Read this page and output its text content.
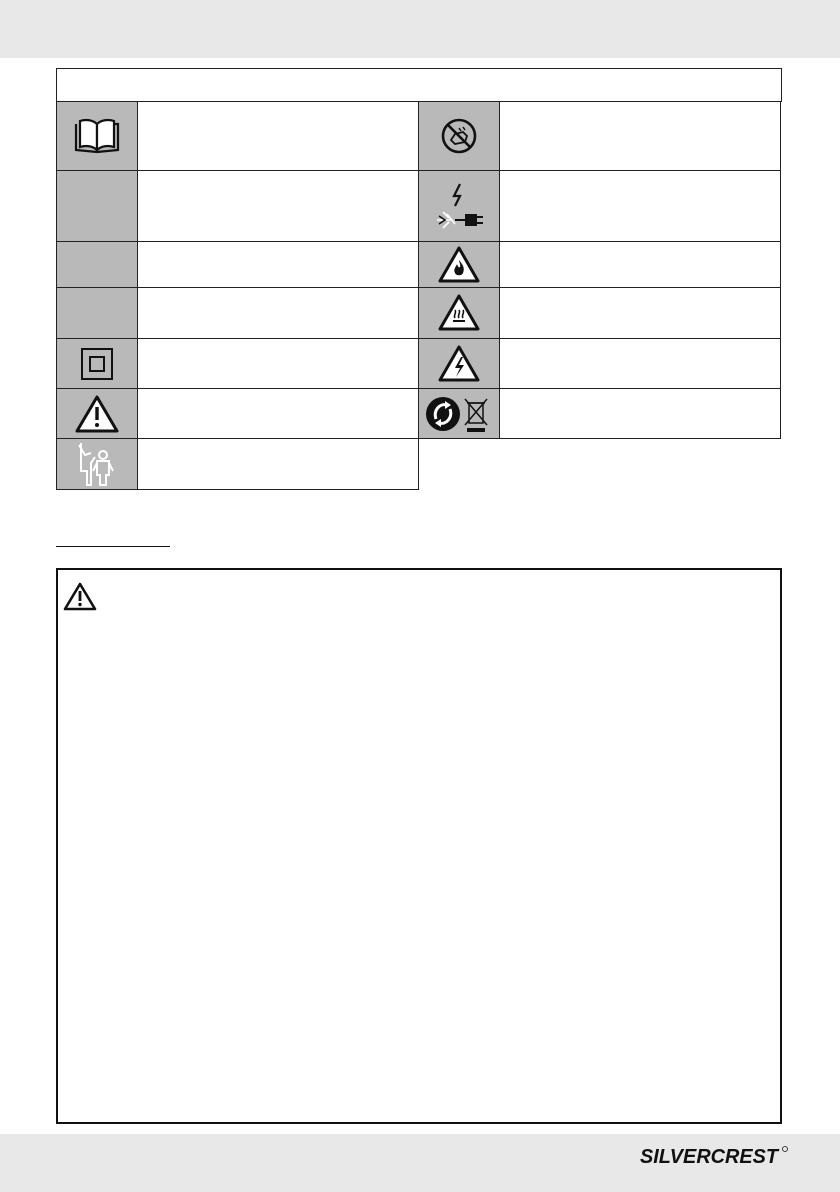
SILVERCREST
